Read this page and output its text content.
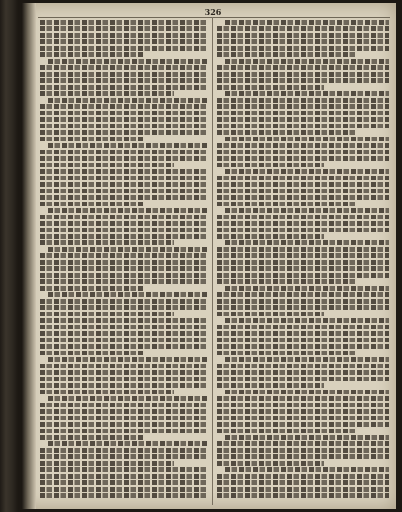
326
